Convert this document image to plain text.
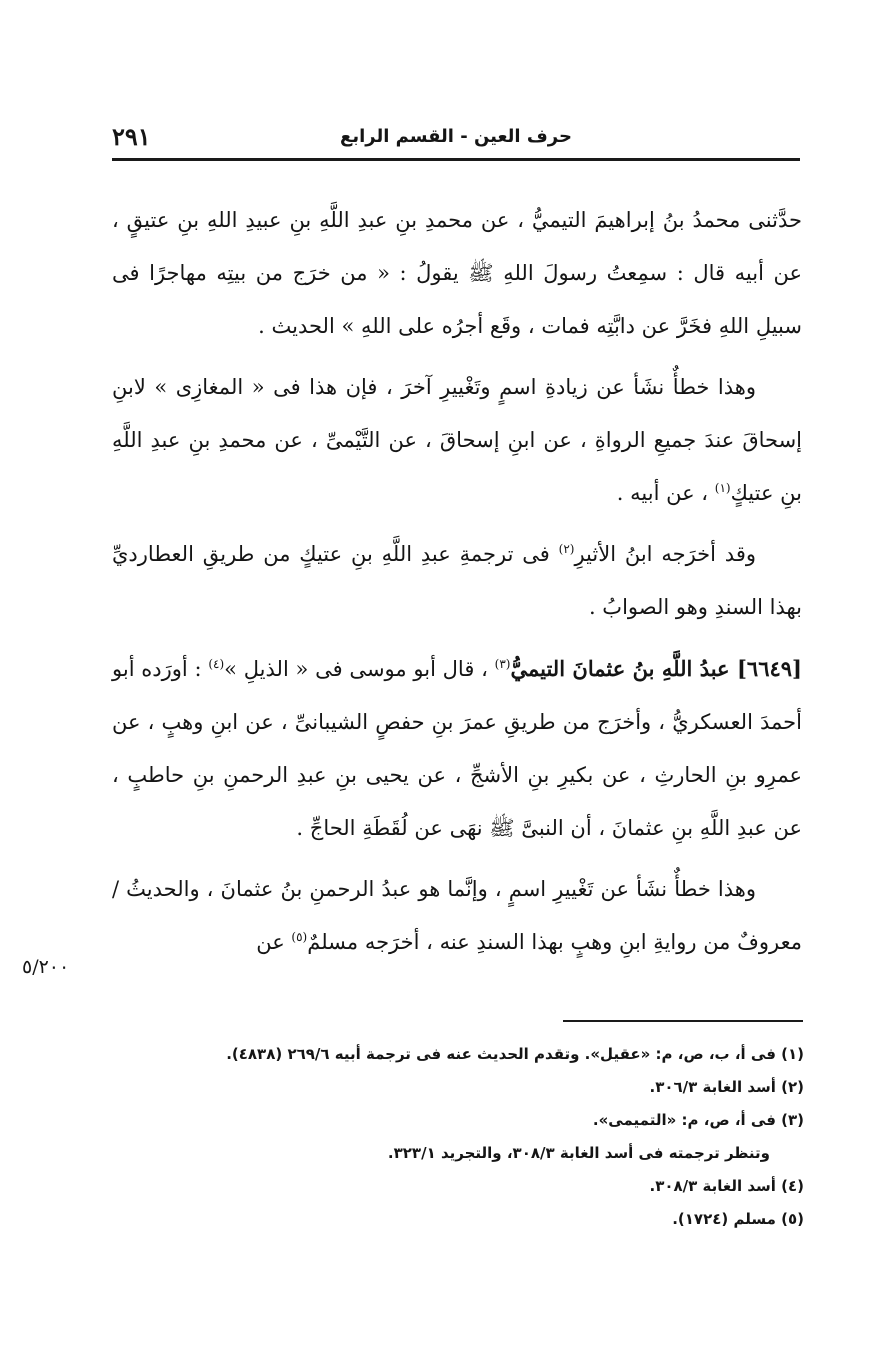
٢٩١	حرف العين - القسم الرابع

حدَّثنى محمدُ بنُ إبراهيمَ التيميُّ ، عن محمدِ بنِ عبدِ اللَّهِ بنِ عبيدِ اللهِ بنِ عتيقٍ ، عن أبيه قال : سمِعتُ رسولَ اللهِ ﷺ يقولُ : « من خرَج من بيتِه مهاجرًا فى سبيلِ اللهِ فخَرَّ عن دابَّتِه فمات ، وقَع أجرُه على اللهِ » الحديث .

وهذا خطأٌ نشَأ عن زيادةِ اسمٍ وتَغْييرِ آخرَ ، فإن هذا فى « المغازِى » لابنِ إسحاقَ عندَ جميعِ الرواةِ ، عن ابنِ إسحاقَ ، عن التَّيْمىِّ ، عن محمدِ بنِ عبدِ اللَّهِ بنِ عتيكٍ$^{(١)}$ ، عن أبيه .

وقد أخرَجه ابنُ الأثيرِ$^{(٢)}$ فى ترجمةِ عبدِ اللَّهِ بنِ عتيكٍ من طريقِ العطارديِّ بهذا السندِ وهو الصوابُ .

[٦٦٤٩] عبدُ اللَّهِ بنُ عثمانَ التيميُّ$^{(٣)}$ ، قال أبو موسى فى « الذيلِ »$^{(٤)}$ : أورَده أبو أحمدَ العسكريُّ ، وأخرَج من طريقِ عمرَ بنِ حفصٍ الشيبانىِّ ، عن ابنِ وهبٍ ، عن عمرِو بنِ الحارثِ ، عن بكيرِ بنِ الأشجِّ ، عن يحيى بنِ عبدِ الرحمنِ بنِ حاطبٍ ، عن عبدِ اللَّهِ بنِ عثمانَ ، أن النبىَّ ﷺ نهَى عن لُقَطَةِ الحاجِّ .

وهذا خطأٌ نشَأ عن تَغْييرِ اسمٍ ، وإنَّما هو عبدُ الرحمنِ بنُ عثمانَ ، والحديثُ /معروفٌ من روايةِ ابنِ وهبٍ بهذا السندِ عنه ، أخرَجه مسلمٌ$^{(٥)}$ عن

٥/٢٠٠

(١) فى أ، ب، ص، م: «عقيل». وتقدم الحديث عنه فى ترجمة أبيه ٢٦٩/٦ (٤٨٣٨).

(٢) أسد الغابة ٣٠٦/٣.

(٣) فى أ، ص، م: «التميمى».

وتنظر ترجمته فى أسد الغابة ٣٠٨/٣، والتجريد ٣٢٣/١.

(٤) أسد الغابة ٣٠٨/٣.

(٥) مسلم (١٧٢٤).
